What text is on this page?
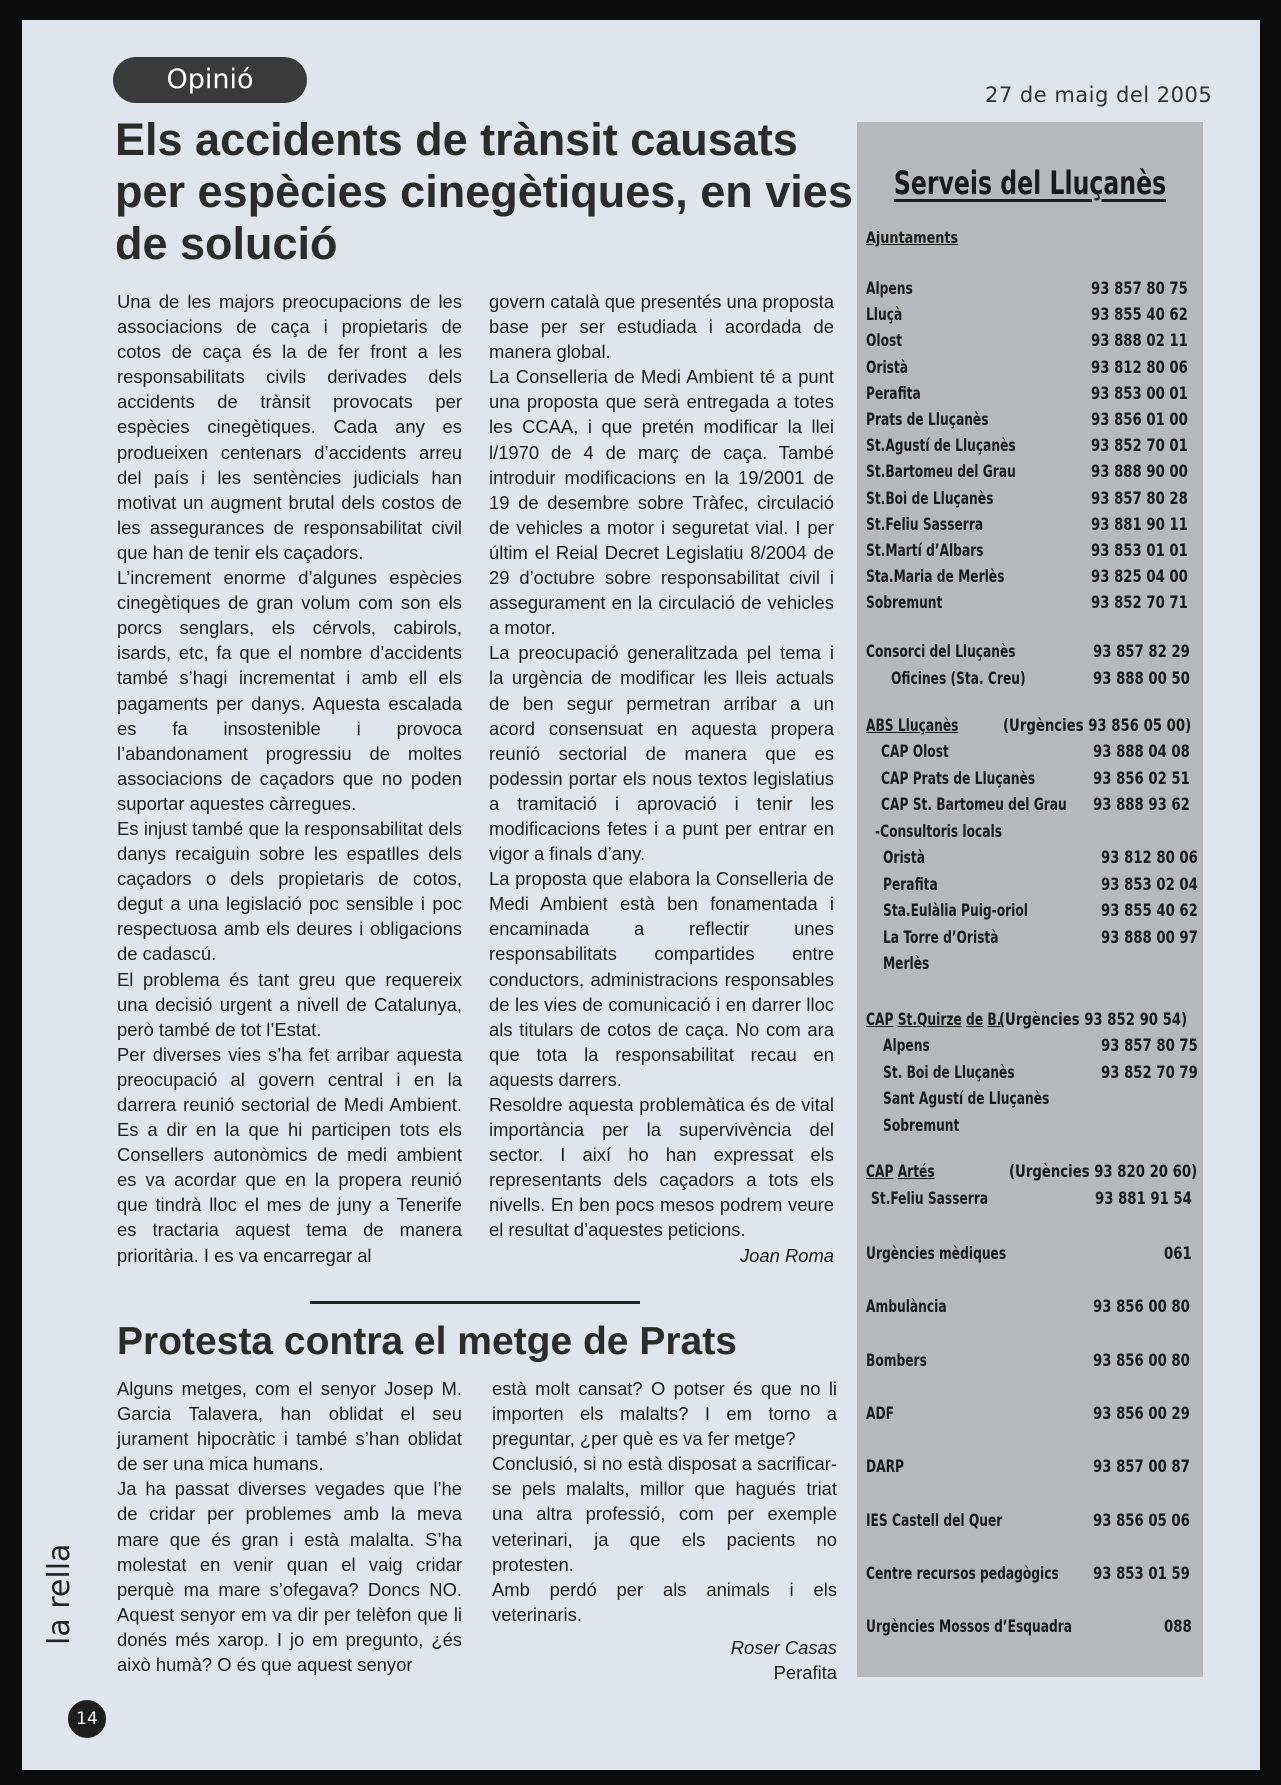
Opinió	27 de maig del 2005
Els accidents de trànsit causats per espècies cinegètiques, en vies de solució

Una de les majors preocupacions de les associacions de caça i propietaris de cotos de caça és la de fer front a les responsabilitats civils derivades dels accidents de trànsit provocats per espècies cinegètiques. Cada any es produeixen centenars d’accidents arreu del país i les sentències judicials han motivat un augment brutal dels costos de les assegurances de responsabilitat civil que han de tenir els caçadors.

L’increment enorme d’algunes espècies cinegètiques de gran volum com son els porcs senglars, els cérvols, cabirols, isards, etc, fa que el nombre d’accidents també s’hagi incrementat i amb ell els pagaments per danys. Aquesta escalada es fa insostenible i provoca l’abandonament progressiu de moltes associacions de caçadors que no poden suportar aquestes càrregues.

Es injust també que la responsabilitat dels danys recaiguin sobre les espatlles dels caçadors o dels propietaris de cotos, degut a una legislació poc sensible i poc respectuosa amb els deures i obligacions de cadascú.

El problema és tant greu que requereix una decisió urgent a nivell de Catalunya, però també de tot l’Estat.

Per diverses vies s’ha fet arribar aquesta preocupació al govern central i en la darrera reunió sectorial de Medi Ambient. Es a dir en la que hi participen tots els Consellers autonòmics de medi ambient es va acordar que en la propera reunió que tindrà lloc el mes de juny a Tenerife es tractaria aquest tema de manera prioritària. I es va encarregar al

govern català que presentés una proposta base per ser estudiada i acordada de manera global.

La Conselleria de Medi Ambient té a punt una proposta que serà entregada a totes les CCAA, i que pretén modificar la llei l/1970 de 4 de març de caça. També introduir modificacions en la 19/2001 de 19 de desembre sobre Tràfec, circulació de vehicles a motor i seguretat vial. I per últim el Reial Decret Legislatiu 8/2004 de 29 d’octubre sobre responsabilitat civil i assegurament en la circulació de vehicles a motor.

La preocupació generalitzada pel tema i la urgència de modificar les lleis actuals de ben segur permetran arribar a un acord consensuat en aquesta propera reunió sectorial de manera que es podessin portar els nous textos legislatius a tramitació i aprovació i tenir les modificacions fetes i a punt per entrar en vigor a finals d’any.

La proposta que elabora la Conselleria de Medi Ambient està ben fonamentada i encaminada a reflectir unes responsabilitats compartides entre conductors, administracions responsables de les vies de comunicació i en darrer lloc als titulars de cotos de caça. No com ara que tota la responsabilitat recau en aquests darrers.

Resoldre aquesta problemàtica és de vital importància per la supervivència del sector. I així ho han expressat els representants dels caçadors a tots els nivells. En ben pocs mesos podrem veure el resultat d’aquestes peticions.

Joan Roma

Protesta contra el metge de Prats

Alguns metges, com el senyor Josep M. Garcia Talavera, han oblidat el seu jurament hipocràtic i també s’han oblidat de ser una mica humans.

Ja ha passat diverses vegades que l’he de cridar per problemes amb la meva mare que és gran i està malalta. S’ha molestat en venir quan el vaig cridar perquè ma mare s’ofegava? Doncs NO. Aquest senyor em va dir per telèfon que li donés més xarop. I jo em pregunto, ¿és això humà? O és que aquest senyor

està molt cansat? O potser és que no li importen els malalts? I em torno a preguntar, ¿per què es va fer metge?

Conclusió, si no està disposat a sacrificar-se pels malalts, millor que hagués triat una altra professió, com per exemple veterinari, ja que els pacients no protesten.

Amb perdó per als animals i els veterinaris.

Roser Casas

Perafita

la rella
14
Serveis del Lluçanès
Ajuntaments
Alpens	93 857 80 75
Lluçà	93 855 40 62
Olost	93 888 02 11
Oristà	93 812 80 06
Perafita	93 853 00 01
Prats de Lluçanès	93 856 01 00
St.Agustí de Lluçanès	93 852 70 01
St.Bartomeu del Grau	93 888 90 00
St.Boi de Lluçanès	93 857 80 28
St.Feliu Sasserra	93 881 90 11
St.Martí d’Albars	93 853 01 01
Sta.Maria de Merlès	93 825 04 00
Sobremunt	93 852 70 71
Consorci del Lluçanès	93 857 82 29
Oficines (Sta. Creu)	93 888 00 50
ABS Lluçanès	(Urgències 93 856 05 00)
CAP Olost	93 888 04 08
CAP Prats de Lluçanès	93 856 02 51
CAP St. Bartomeu del Grau 93 888 93 62
-Consultoris locals
Oristà	93 812 80 06
Perafita	93 853 02 04
Sta.Eulàlia Puig-oriol	93 855 40 62
La Torre d’Oristà	93 888 00 97
Merlès
CAP St.Quirze de B.
(Urgències 93 852 90 54)
Alpens	93 857 80 75
St. Boi de Lluçanès	93 852 70 79
Sant Agustí de Lluçanès
Sobremunt
CAP Artés	(Urgències 93 820 20 60)
St.Feliu Sasserra	93 881 91 54
Urgències mèdiques	061
Ambulància	93 856 00 80
Bombers	93 856 00 80
ADF	93 856 00 29
DARP	93 857 00 87
IES Castell del Quer	93 856 05 06
Centre recursos pedagògics 93 853 01 59
Urgències Mossos d’Esquadra	088
